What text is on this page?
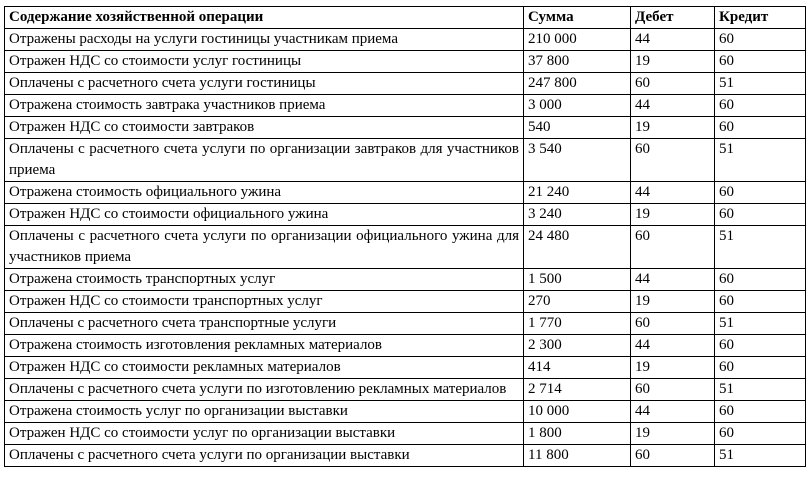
Содержание хозяйственной операции	Сумма	Дебет	Кредит
Отражены расходы на услуги гостиницы участникам приема	210 000	44	60
Отражен НДС со стоимости услуг гостиницы	37 800	19	60
Оплачены с расчетного счета услуги гостиницы	247 800	60	51
Отражена стоимость завтрака участников приема	3 000	44	60
Отражен НДС со стоимости завтраков	540	19	60
Оплачены с расчетного счета услуги по организации завтраков для участников приема	3 540	60	51
Отражена стоимость официального ужина	21 240	44	60
Отражен НДС со стоимости официального ужина	3 240	19	60
Оплачены с расчетного счета услуги по организации официального ужина для участников приема	24 480	60	51
Отражена стоимость транспортных услуг	1 500	44	60
Отражен НДС со стоимости транспортных услуг	270	19	60
Оплачены с расчетного счета транспортные услуги	1 770	60	51
Отражена стоимость изготовления рекламных материалов	2 300	44	60
Отражен НДС со стоимости рекламных материалов	414	19	60
Оплачены с расчетного счета услуги по изготовлению рекламных материалов	2 714	60	51
Отражена стоимость услуг по организации выставки	10 000	44	60
Отражен НДС со стоимости услуг по организации выставки	1 800	19	60
Оплачены с расчетного счета услуги по организации выставки	11 800	60	51
